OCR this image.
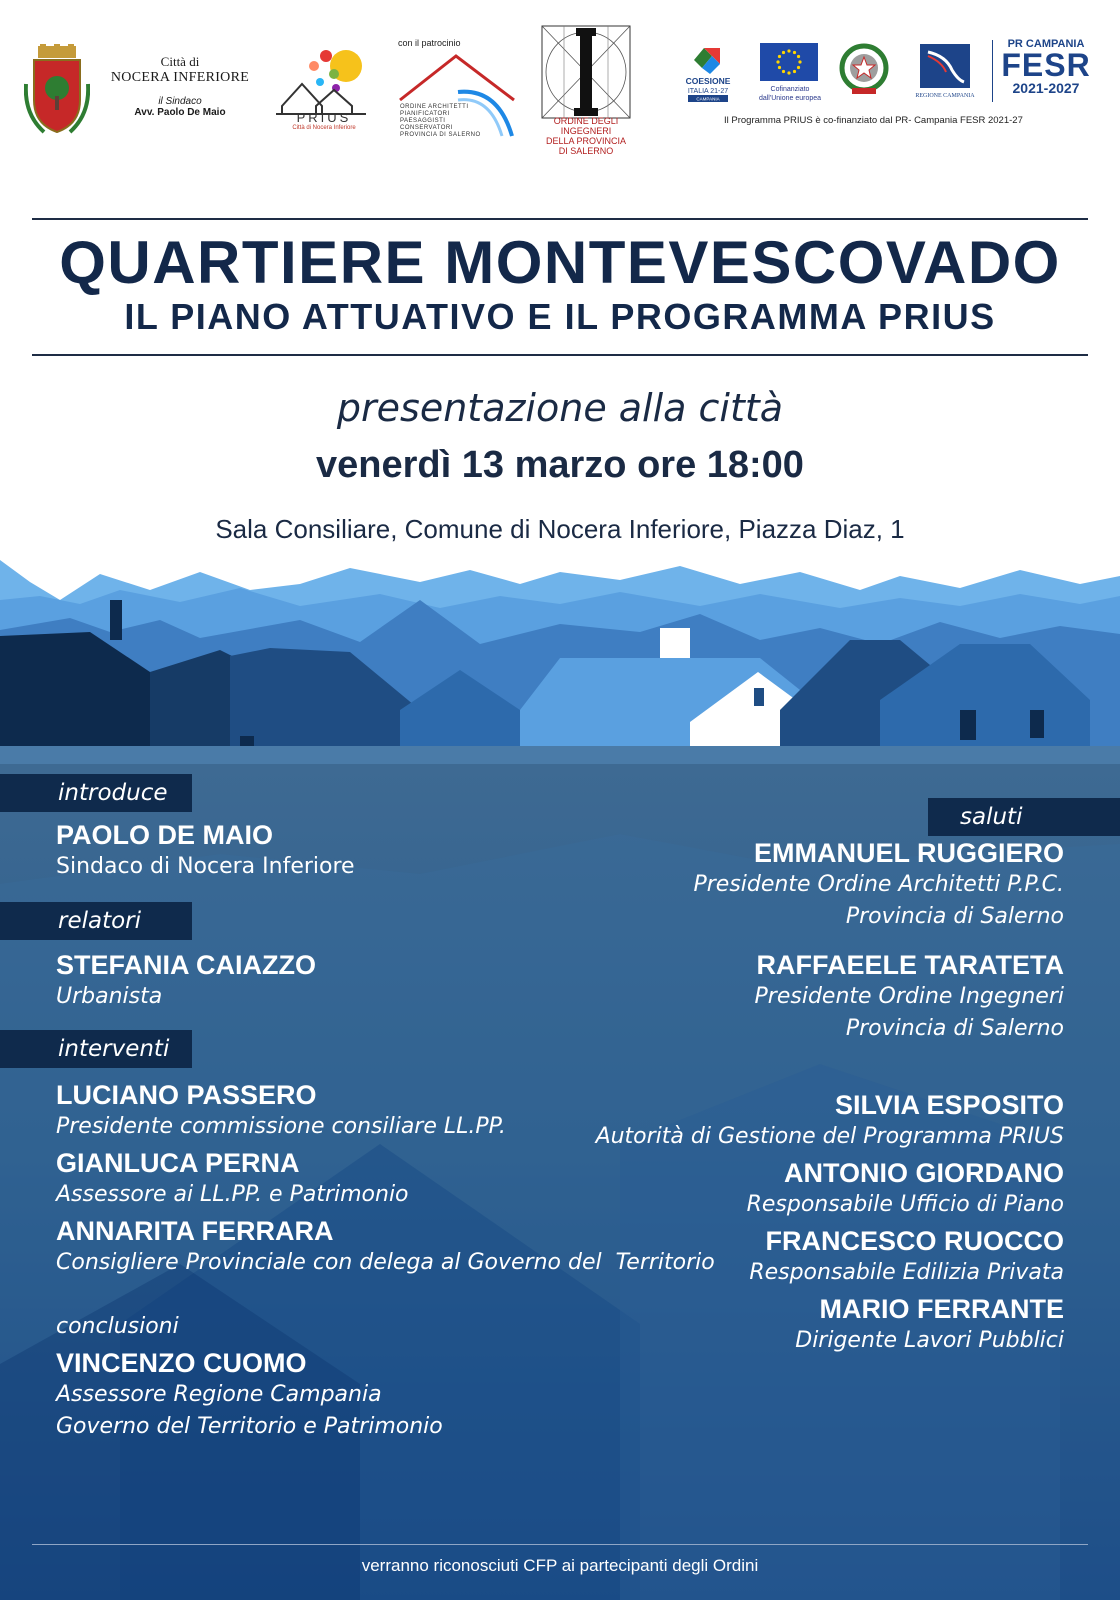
Città di
NOCERA INFERIORE
il Sindaco
Avv. Paolo De Maio	PRIUS
Città di Nocera Inferiore
con il patrocinio
ORDINE ARCHITETTI
PIANIFICATORI
PAESAGGISTI
CONSERVATORI
PROVINCIA DI SALERNO
ORDINE DEGLI
INGEGNERI
DELLA PROVINCIA
DI SALERNO
COESIONE
ITALIA 21-27
CAMPANIA
Cofinanziato
dall'Unione europea	REGIONE CAMPANIA
PR CAMPANIA
FESR
2021-2027
Il Programma PRIUS è co-finanziato dal PR- Campania FESR 2021-27
QUARTIERE MONTEVESCOVADO
IL PIANO ATTUATIVO E IL PROGRAMMA PRIUS
presentazione alla città
venerdì 13 marzo ore 18:00
Sala Consiliare, Comune di Nocera Inferiore, Piazza Diaz, 1
introduce
PAOLO DE MAIO
Sindaco di Nocera Inferiore
relatori
STEFANIA CAIAZZO
Urbanista
interventi
LUCIANO PASSERO
Presidente commissione consiliare LL.PP.
GIANLUCA PERNA
Assessore ai LL.PP. e Patrimonio
ANNARITA FERRARA
Consigliere Provinciale con delega al Governo del  Territorio
conclusioni
VINCENZO CUOMO
Assessore Regione Campania
Governo del Territorio e Patrimonio
saluti
EMMANUEL RUGGIERO
Presidente Ordine Architetti P.P.C.
Provincia di Salerno
RAFFAEELE TARATETA
Presidente Ordine Ingegneri
Provincia di Salerno
SILVIA ESPOSITO
Autorità di Gestione del Programma PRIUS
ANTONIO GIORDANO
Responsabile Ufficio di Piano
FRANCESCO RUOCCO
Responsabile Edilizia Privata
MARIO FERRANTE
Dirigente Lavori Pubblici
verranno riconosciuti CFP ai partecipanti degli Ordini
